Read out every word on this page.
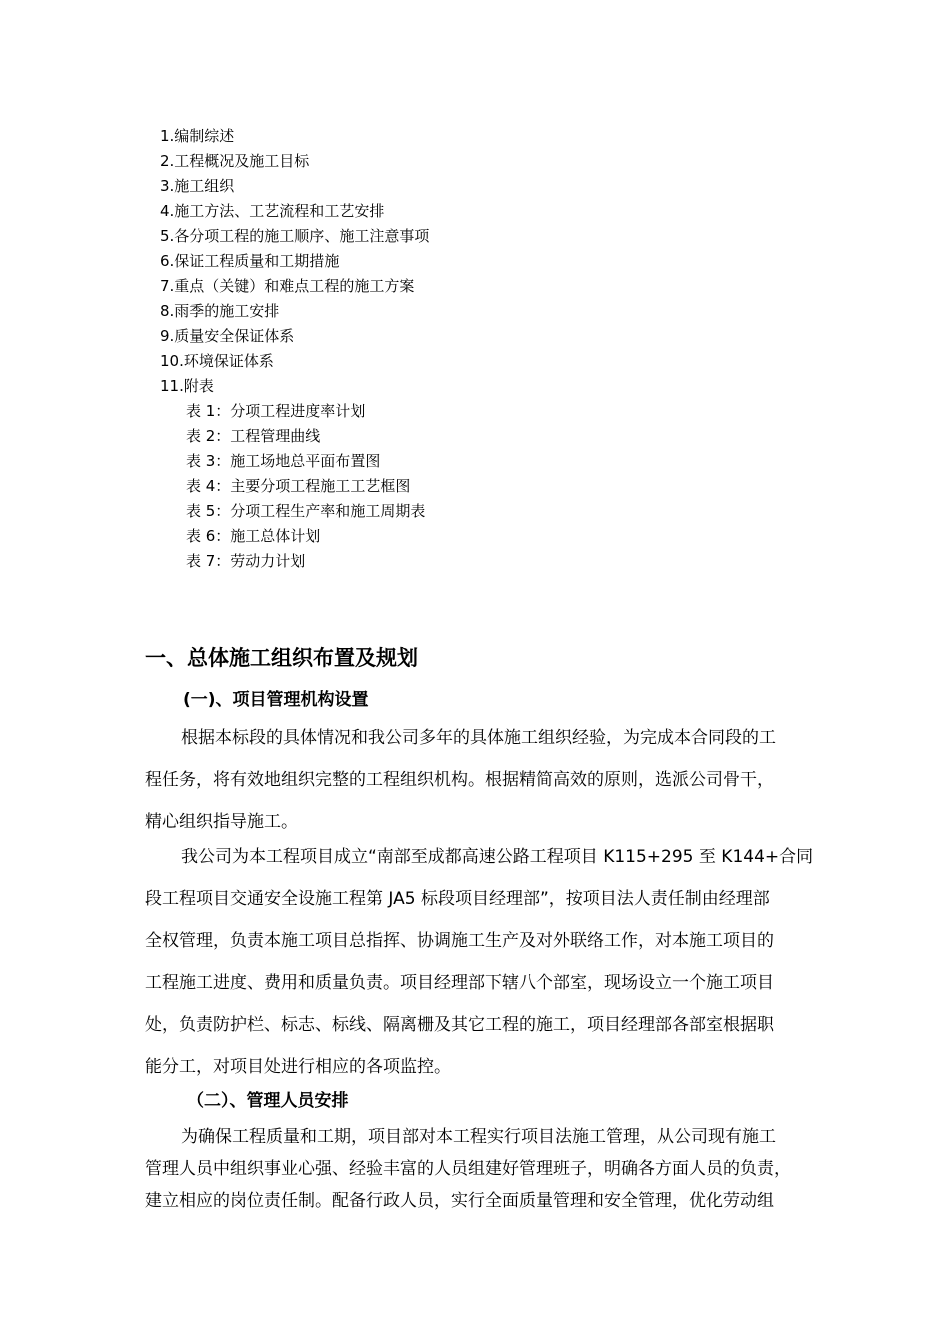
1.编制综述
2.工程概况及施工目标
3.施工组织
4.施工方法、工艺流程和工艺安排
5.各分项工程的施工顺序、施工注意事项
6.保证工程质量和工期措施
7.重点（关键）和难点工程的施工方案
8.雨季的施工安排
9.质量安全保证体系
10.环境保证体系
11.附表
表 1：分项工程进度率计划
表 2：工程管理曲线
表 3：施工场地总平面布置图
表 4：主要分项工程施工工艺框图
表 5：分项工程生产率和施工周期表
表 6：施工总体计划
表 7：劳动力计划
一、总体施工组织布置及规划
(一)、项目管理机构设置
根据本标段的具体情况和我公司多年的具体施工组织经验，为完成本合同段的工
程任务，将有效地组织完整的工程组织机构。根据精简高效的原则，选派公司骨干，
精心组织指导施工。
我公司为本工程项目成立“南部至成都高速公路工程项目 K115+295 至 K144+合同
段工程项目交通安全设施工程第 JA5 标段项目经理部”，按项目法人责任制由经理部
全权管理，负责本施工项目总指挥、协调施工生产及对外联络工作，对本施工项目的
工程施工进度、费用和质量负责。项目经理部下辖八个部室，现场设立一个施工项目
处，负责防护栏、标志、标线、隔离栅及其它工程的施工，项目经理部各部室根据职
能分工，对项目处进行相应的各项监控。
（二）、管理人员安排
为确保工程质量和工期，项目部对本工程实行项目法施工管理，从公司现有施工
管理人员中组织事业心强、经验丰富的人员组建好管理班子，明确各方面人员的负责，
建立相应的岗位责任制。配备行政人员，实行全面质量管理和安全管理，优化劳动组
